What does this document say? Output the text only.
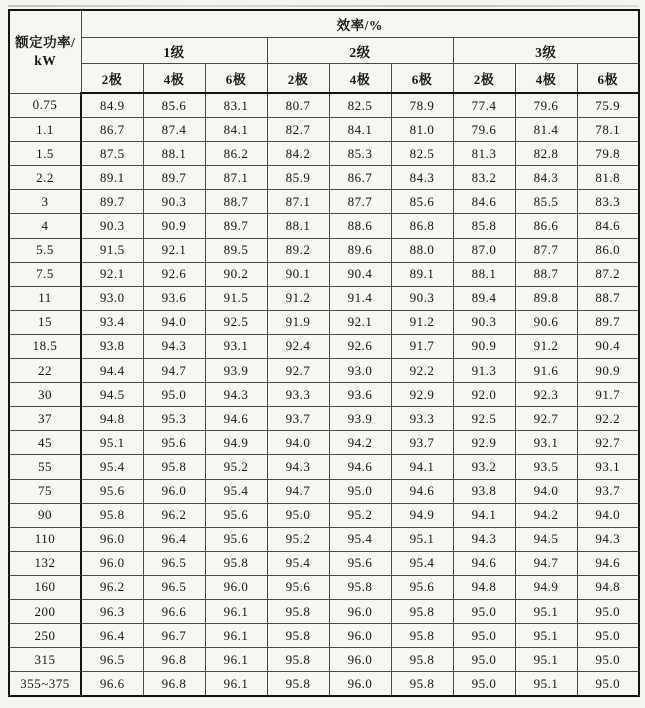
额定功率/
kW	效率/%								
	1级			2级			3级		
	2极	4极	6极	2极	4极	6极	2极	4极	6极
0.75	84.9	85.6	83.1	80.7	82.5	78.9	77.4	79.6	75.9
1.1	86.7	87.4	84.1	82.7	84.1	81.0	79.6	81.4	78.1
1.5	87.5	88.1	86.2	84.2	85.3	82.5	81.3	82.8	79.8
2.2	89.1	89.7	87.1	85.9	86.7	84.3	83.2	84.3	81.8
3	89.7	90.3	88.7	87.1	87.7	85.6	84.6	85.5	83.3
4	90.3	90.9	89.7	88.1	88.6	86.8	85.8	86.6	84.6
5.5	91.5	92.1	89.5	89.2	89.6	88.0	87.0	87.7	86.0
7.5	92.1	92.6	90.2	90.1	90.4	89.1	88.1	88.7	87.2
11	93.0	93.6	91.5	91.2	91.4	90.3	89.4	89.8	88.7
15	93.4	94.0	92.5	91.9	92.1	91.2	90.3	90.6	89.7
18.5	93.8	94.3	93.1	92.4	92.6	91.7	90.9	91.2	90.4
22	94.4	94.7	93.9	92.7	93.0	92.2	91.3	91.6	90.9
30	94.5	95.0	94.3	93.3	93.6	92.9	92.0	92.3	91.7
37	94.8	95.3	94.6	93.7	93.9	93.3	92.5	92.7	92.2
45	95.1	95.6	94.9	94.0	94.2	93.7	92.9	93.1	92.7
55	95.4	95.8	95.2	94.3	94.6	94.1	93.2	93.5	93.1
75	95.6	96.0	95.4	94.7	95.0	94.6	93.8	94.0	93.7
90	95.8	96.2	95.6	95.0	95.2	94.9	94.1	94.2	94.0
110	96.0	96.4	95.6	95.2	95.4	95.1	94.3	94.5	94.3
132	96.0	96.5	95.8	95.4	95.6	95.4	94.6	94.7	94.6
160	96.2	96.5	96.0	95.6	95.8	95.6	94.8	94.9	94.8
200	96.3	96.6	96.1	95.8	96.0	95.8	95.0	95.1	95.0
250	96.4	96.7	96.1	95.8	96.0	95.8	95.0	95.1	95.0
315	96.5	96.8	96.1	95.8	96.0	95.8	95.0	95.1	95.0
355~375	96.6	96.8	96.1	95.8	96.0	95.8	95.0	95.1	95.0
